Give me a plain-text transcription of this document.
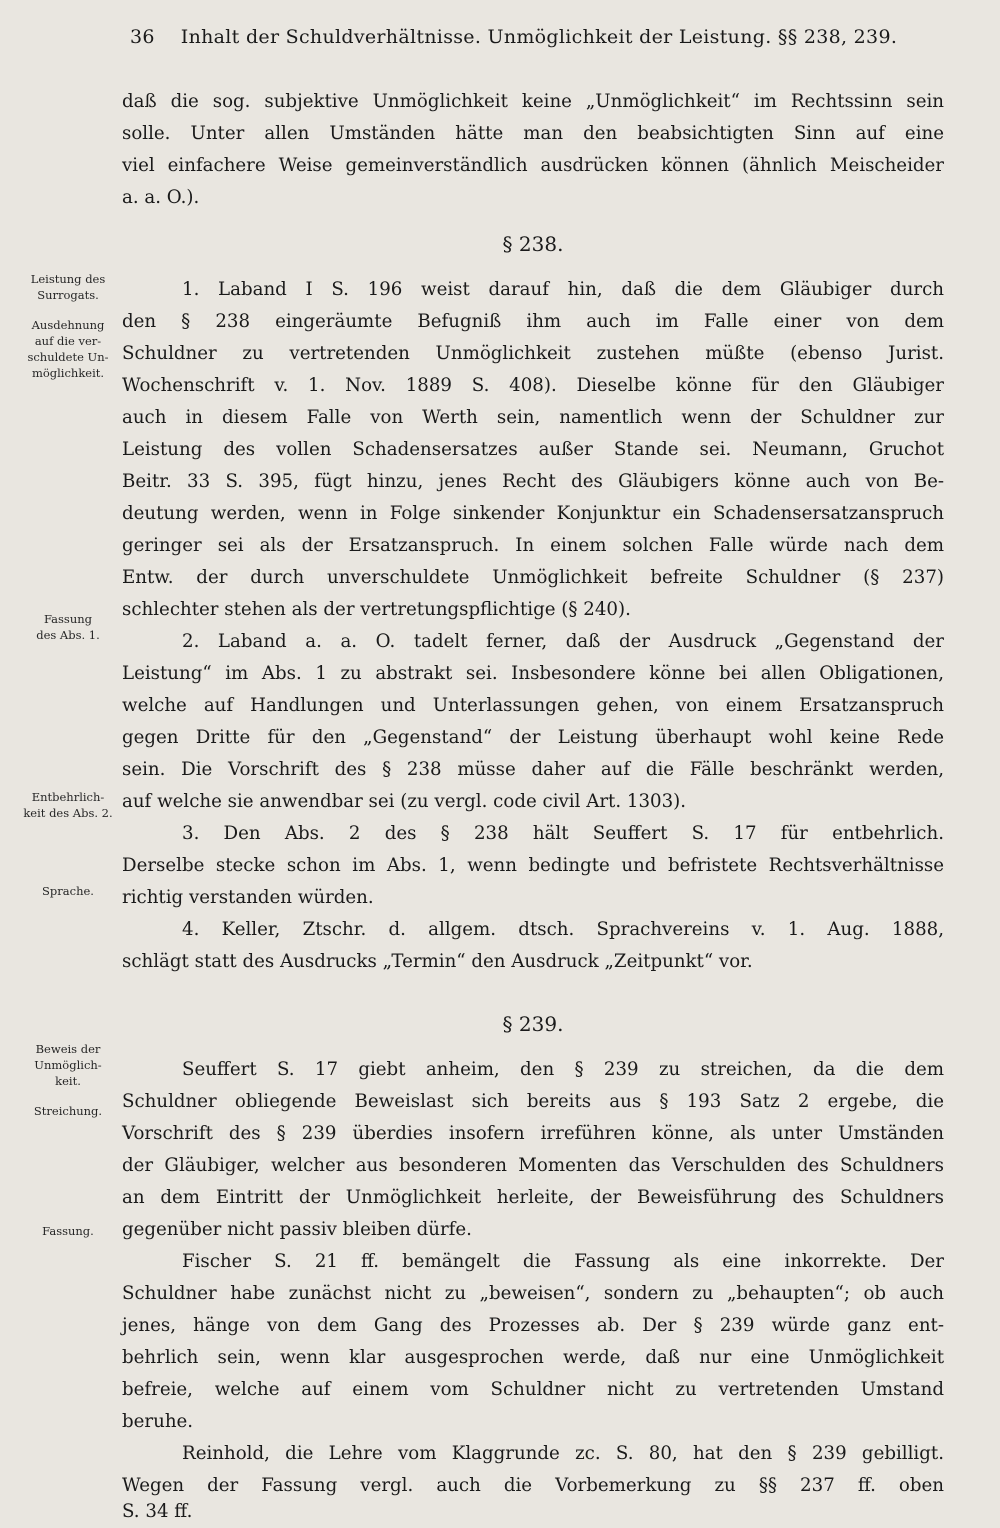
36 Inhalt der Schuldverhältnisse. Unmöglichkeit der Leistung. §§ 238, 239.
daß die sog. subjektive Unmöglichkeit keine „Unmöglichkeit“ im Rechtssinn sein
solle. Unter allen Umständen hätte man den beabsichtigten Sinn auf eine
viel einfachere Weise gemeinverständlich ausdrücken können (ähnlich Meischeider
a. a. O.).
§ 238.
1. Laband I S. 196 weist darauf hin, daß die dem Gläubiger durch
den § 238 eingeräumte Befugniß ihm auch im Falle einer von dem
Schuldner zu vertretenden Unmöglichkeit zustehen müßte (ebenso Jurist.
Wochenschrift v. 1. Nov. 1889 S. 408). Dieselbe könne für den Gläubiger
auch in diesem Falle von Werth sein, namentlich wenn der Schuldner zur
Leistung des vollen Schadensersatzes außer Stande sei. Neumann, Gruchot
Beitr. 33 S. 395, fügt hinzu, jenes Recht des Gläubigers könne auch von Be-
deutung werden, wenn in Folge sinkender Konjunktur ein Schadensersatzanspruch
geringer sei als der Ersatzanspruch. In einem solchen Falle würde nach dem
Entw. der durch unverschuldete Unmöglichkeit befreite Schuldner (§ 237)
schlechter stehen als der vertretungspflichtige (§ 240).
2. Laband a. a. O. tadelt ferner, daß der Ausdruck „Gegenstand der
Leistung“ im Abs. 1 zu abstrakt sei. Insbesondere könne bei allen Obligationen,
welche auf Handlungen und Unterlassungen gehen, von einem Ersatzanspruch
gegen Dritte für den „Gegenstand“ der Leistung überhaupt wohl keine Rede
sein. Die Vorschrift des § 238 müsse daher auf die Fälle beschränkt werden,
auf welche sie anwendbar sei (zu vergl. code civil Art. 1303).
3. Den Abs. 2 des § 238 hält Seuffert S. 17 für entbehrlich.
Derselbe stecke schon im Abs. 1, wenn bedingte und befristete Rechtsverhältnisse
richtig verstanden würden.
4. Keller, Ztschr. d. allgem. dtsch. Sprachvereins v. 1. Aug. 1888,
schlägt statt des Ausdrucks „Termin“ den Ausdruck „Zeitpunkt“ vor.
§ 239.
Seuffert S. 17 giebt anheim, den § 239 zu streichen, da die dem
Schuldner obliegende Beweislast sich bereits aus § 193 Satz 2 ergebe, die
Vorschrift des § 239 überdies insofern irreführen könne, als unter Umständen
der Gläubiger, welcher aus besonderen Momenten das Verschulden des Schuldners
an dem Eintritt der Unmöglichkeit herleite, der Beweisführung des Schuldners
gegenüber nicht passiv bleiben dürfe.
Fischer S. 21 ff. bemängelt die Fassung als eine inkorrekte. Der
Schuldner habe zunächst nicht zu „beweisen“, sondern zu „behaupten“; ob auch
jenes, hänge von dem Gang des Prozesses ab. Der § 239 würde ganz ent-
behrlich sein, wenn klar ausgesprochen werde, daß nur eine Unmöglichkeit
befreie, welche auf einem vom Schuldner nicht zu vertretenden Umstand
beruhe.
Reinhold, die Lehre vom Klaggrunde zc. S. 80, hat den § 239 gebilligt.
Wegen der Fassung vergl. auch die Vorbemerkung zu §§ 237 ff. oben
S. 34 ff.
Leistung des
Surrogats.
Ausdehnung
auf die ver-
schuldete Un-
möglichkeit.
Fassung
des Abs. 1.
Entbehrlich-
keit des Abs. 2.
Sprache.
Beweis der
Unmöglich-
keit.
Streichung.
Fassung.
